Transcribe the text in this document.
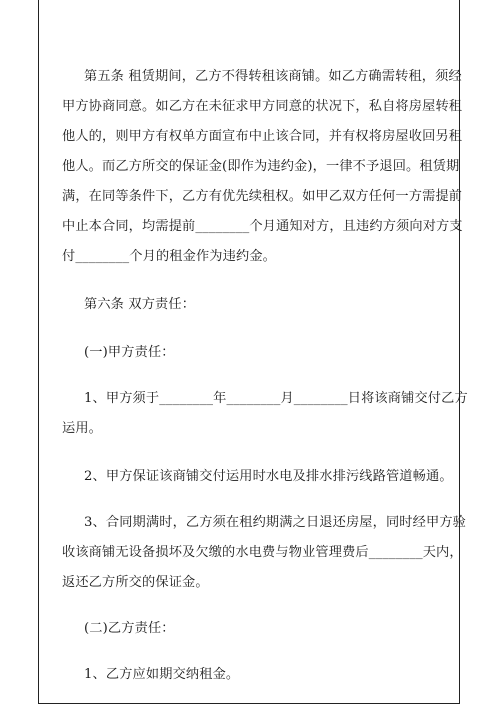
第五条 租赁期间，乙方不得转租该商铺。如乙方确需转租，须经
甲方协商同意。如乙方在未征求甲方同意的状况下，私自将房屋转租
他人的，则甲方有权单方面宣布中止该合同，并有权将房屋收回另租
他人。而乙方所交的保证金(即作为违约金)，一律不予退回。租赁期
满，在同等条件下，乙方有优先续租权。如甲乙双方任何一方需提前
中止本合同，均需提前________个月通知对方，且违约方须向对方支
付________个月的租金作为违约金。
第六条 双方责任：
(一)甲方责任：
1、甲方须于________年________月________日将该商铺交付乙方
运用。
2、甲方保证该商铺交付运用时水电及排水排污线路管道畅通。
3、合同期满时，乙方须在租约期满之日退还房屋，同时经甲方验
收该商铺无设备损坏及欠缴的水电费与物业管理费后________天内，
返还乙方所交的保证金。
(二)乙方责任：
1、乙方应如期交纳租金。
